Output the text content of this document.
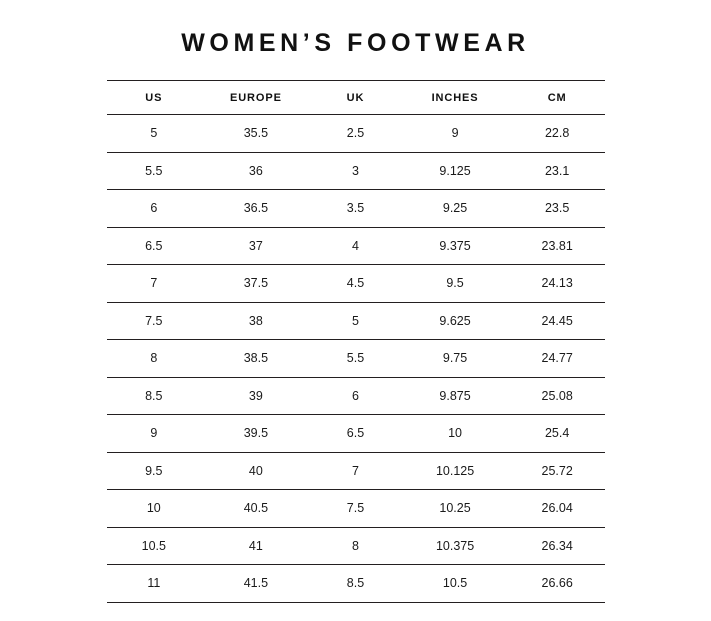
WOMEN’S FOOTWEAR
US	EUROPE	UK	INCHES	CM
5	35.5	2.5	9	22.8
5.5	36	3	9.125	23.1
6	36.5	3.5	9.25	23.5
6.5	37	4	9.375	23.81
7	37.5	4.5	9.5	24.13
7.5	38	5	9.625	24.45
8	38.5	5.5	9.75	24.77
8.5	39	6	9.875	25.08
9	39.5	6.5	10	25.4
9.5	40	7	10.125	25.72
10	40.5	7.5	10.25	26.04
10.5	41	8	10.375	26.34
11	41.5	8.5	10.5	26.66
